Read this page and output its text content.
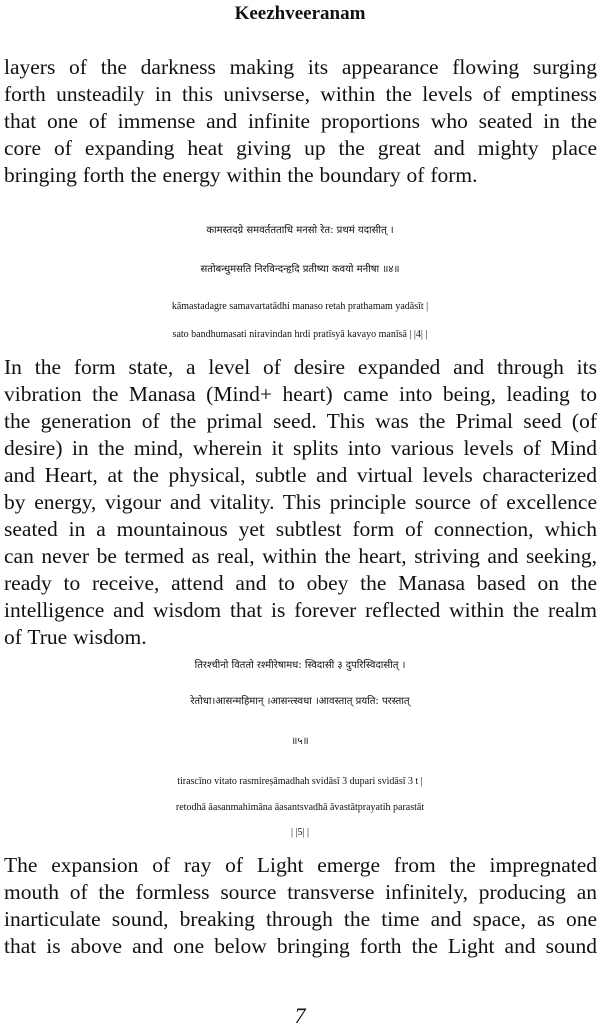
Keezhveeranam

layers of the darkness making its appearance flowing surging

forth unsteadily in this univserse, within the levels of emptiness

that one of immense and infinite proportions who seated in the

core of expanding heat giving up the great and mighty place

bringing forth the energy within the boundary of form.

कामस्तदग्रे समवर्ततताधि मनसो रेत: प्रथमं यदासीत् ।

सतोबन्धुमसति निरविन्दन्हृदि प्रतीष्या कवयो मनीषा ॥४॥

kāmastadagre samavartatādhi manaso retah prathamam yadāsīt |

sato bandhumasati niravindan hrdi pratīsyā kavayo manīsā | |4| |

In the form state, a level of desire expanded and through its

vibration the Manasa (Mind+ heart) came into being, leading to

the generation of the primal seed. This was the Primal seed (of

desire) in the mind, wherein it splits into various levels of Mind

and Heart, at the physical, subtle and virtual levels characterized

by energy, vigour and vitality. This principle source of excellence

seated in a mountainous yet subtlest form of connection, which

can never be termed as real, within the heart, striving and seeking,

ready to receive, attend and to obey the Manasa based on the

intelligence and wisdom that is forever reflected within the realm

of True wisdom.

तिरश्चीनो विततो रश्मीरेषामध: स्विदासी ३ दुपरिस्विदासीत् ।

रेतोधा।आसन्महिमान् ।आसन्त्स्वधा ।आवस्तात् प्रयति: परस्तात्

॥५॥

tirascīno vitato rasmireṣāmadhah svidāsī 3 dupari svidāsī 3 t |

retodhā āasanmahimāna āasantsvadhā āvastātprayatih parastāt

| |5| |

The expansion of ray of Light emerge from the impregnated

mouth of the formless source transverse infinitely, producing an

inarticulate sound, breaking through the time and space, as one

that is above and one below bringing forth the Light and sound

7
